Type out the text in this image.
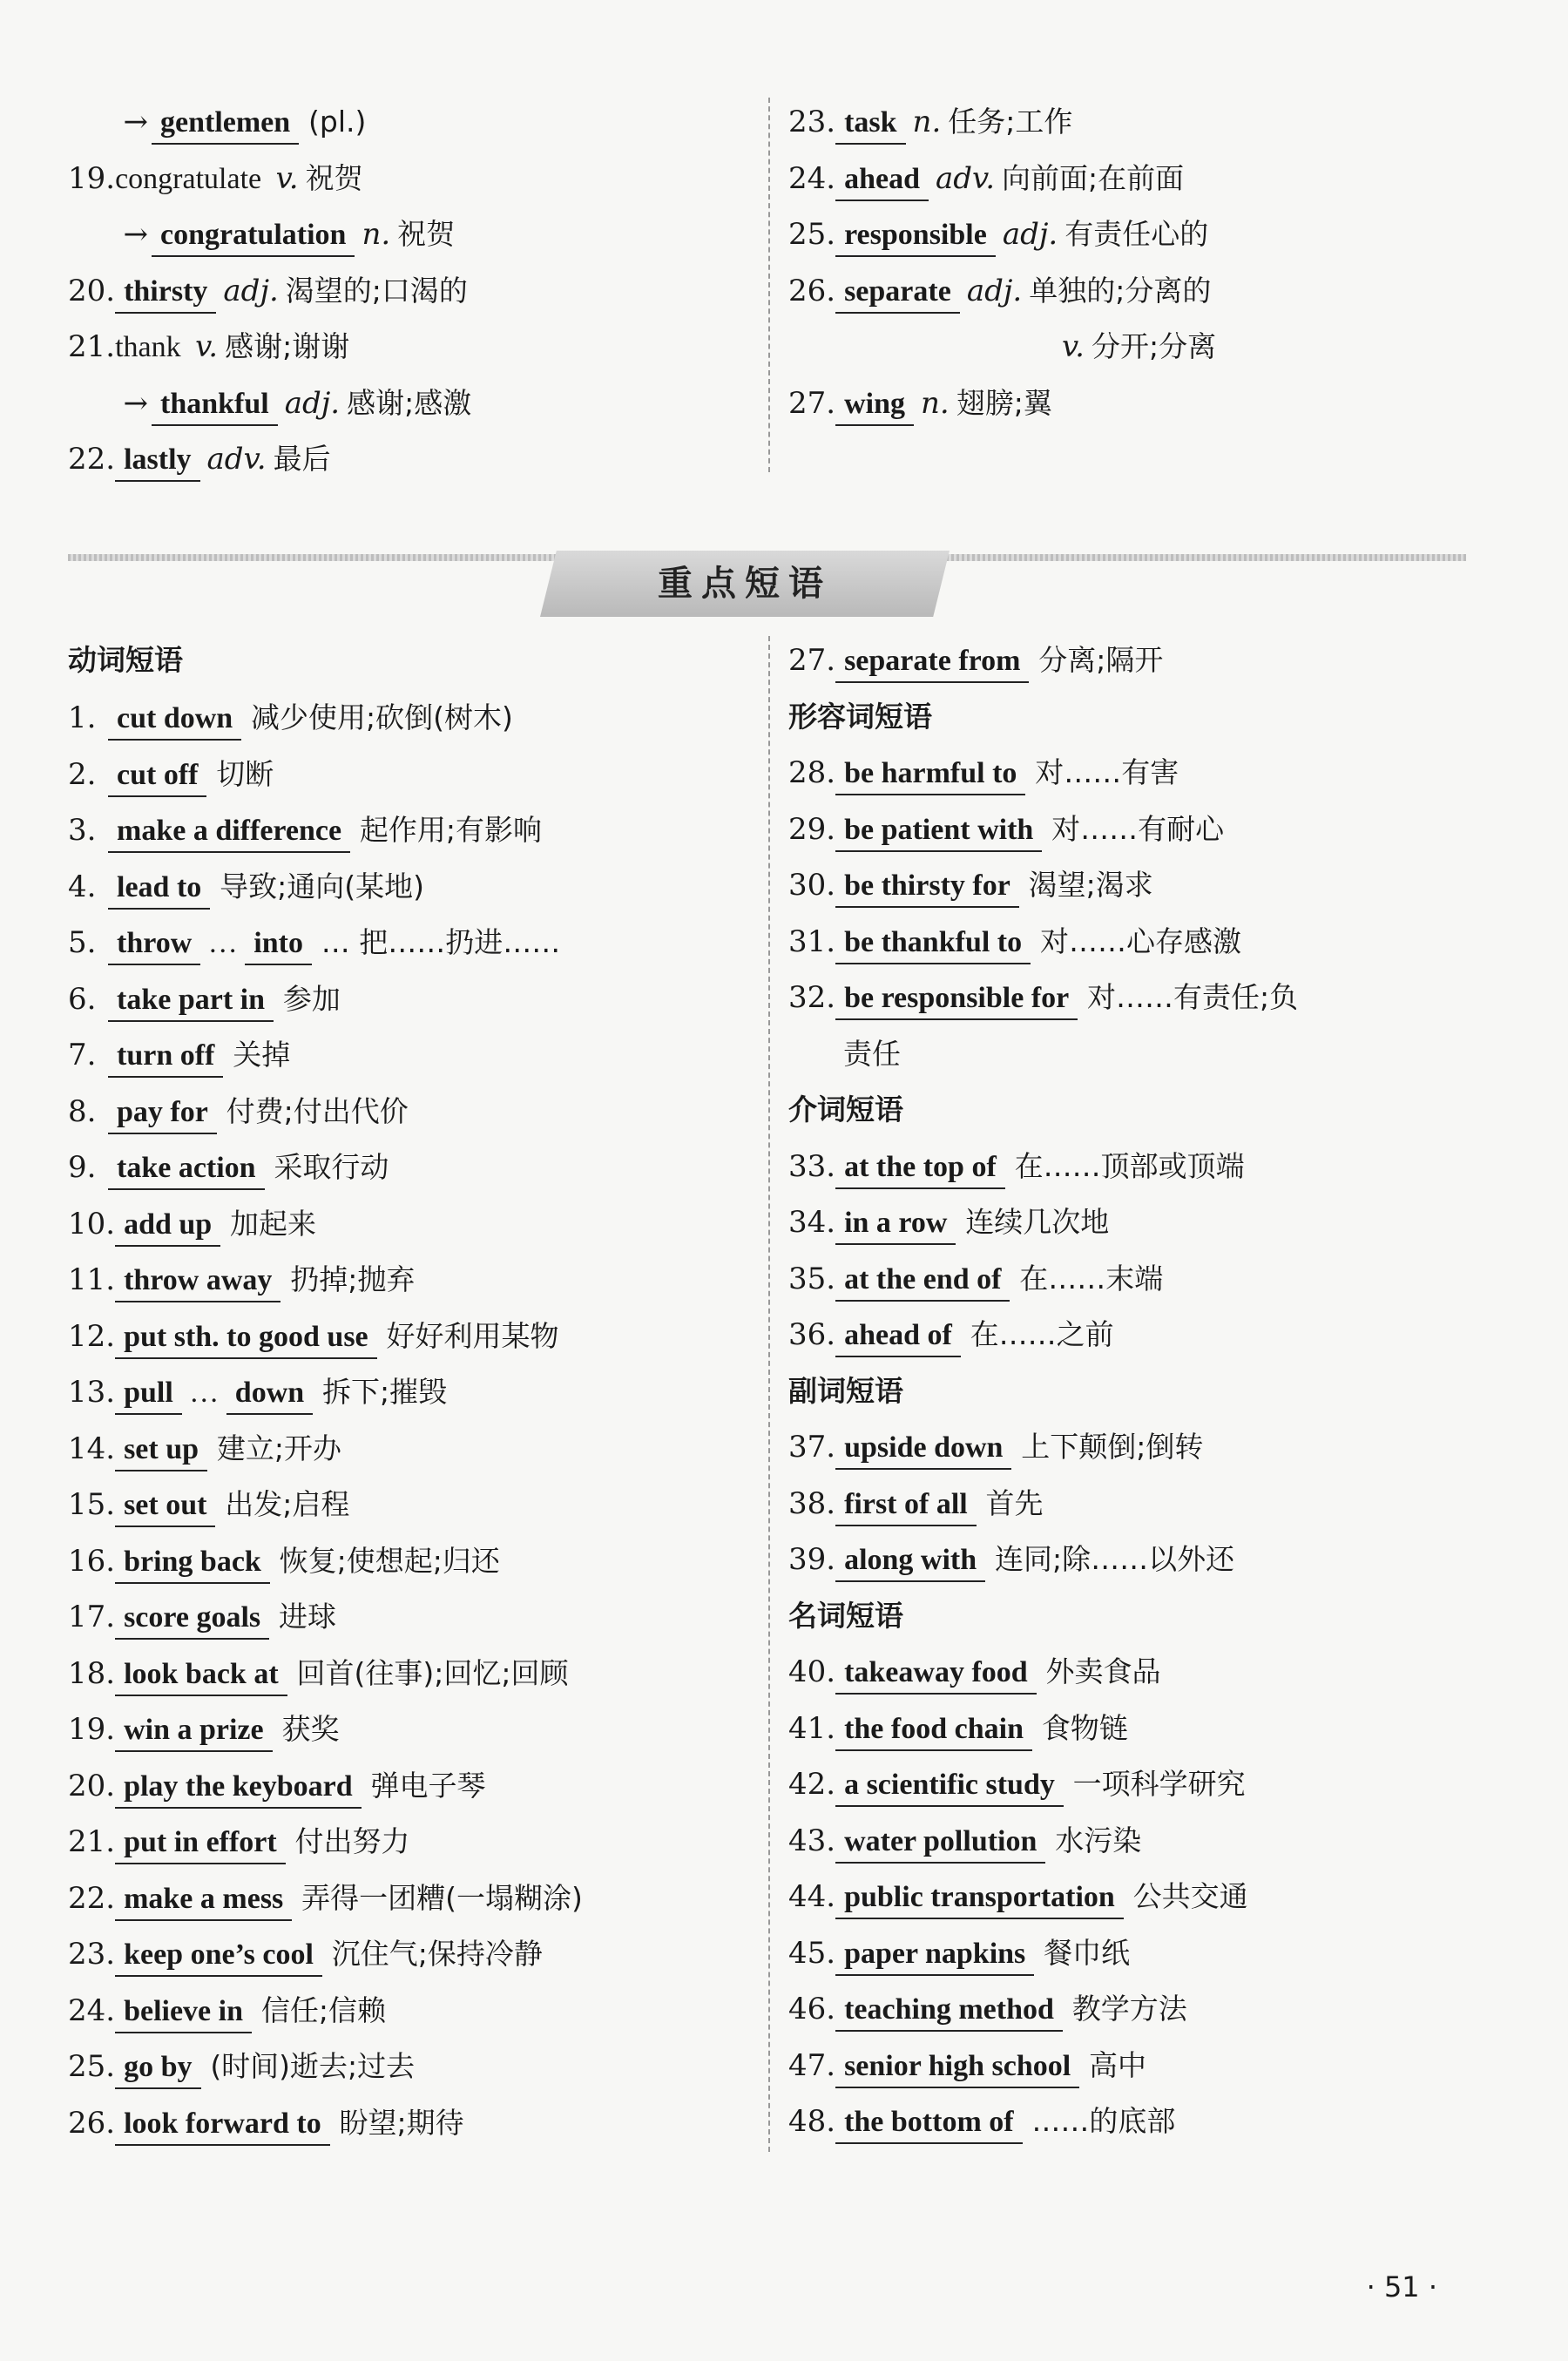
→ gentlemen (pl.)
19.congratulate v. 祝贺
→ congratulation n. 祝贺
20. thirsty adj. 渴望的;口渴的
21.thank v. 感谢;谢谢
→ thankful adj. 感谢;感激
22. lastly adv. 最后
23. task n. 任务;工作
24. ahead adv. 向前面;在前面
25. responsible adj. 有责任心的
26. separate adj. 单独的;分离的
v. 分开;分离
27. wing n. 翅膀;翼
重点短语
动词短语
1. cut down 减少使用;砍倒(树木)
2. cut off 切断
3. make a difference 起作用;有影响
4. lead to 导致;通向(某地)
5. throw … into … 把……扔进……
6. take part in 参加
7. turn off 关掉
8. pay for 付费;付出代价
9. take action 采取行动
10. add up 加起来
11. throw away 扔掉;抛弃
12. put sth. to good use 好好利用某物
13. pull … down 拆下;摧毁
14. set up 建立;开办
15. set out 出发;启程
16. bring back 恢复;使想起;归还
17. score goals 进球
18. look back at 回首(往事);回忆;回顾
19. win a prize 获奖
20. play the keyboard 弹电子琴
21. put in effort 付出努力
22. make a mess 弄得一团糟(一塌糊涂)
23. keep one’s cool 沉住气;保持冷静
24. believe in 信任;信赖
25. go by (时间)逝去;过去
26. look forward to 盼望;期待
27. separate from 分离;隔开
形容词短语
28. be harmful to 对……有害
29. be patient with 对……有耐心
30. be thirsty for 渴望;渴求
31. be thankful to 对……心存感激
32. be responsible for 对……有责任;负
责任
介词短语
33. at the top of 在……顶部或顶端
34. in a row 连续几次地
35. at the end of 在……末端
36. ahead of 在……之前
副词短语
37. upside down 上下颠倒;倒转
38. first of all 首先
39. along with 连同;除……以外还
名词短语
40. takeaway food 外卖食品
41. the food chain 食物链
42. a scientific study 一项科学研究
43. water pollution 水污染
44. public transportation 公共交通
45. paper napkins 餐巾纸
46. teaching method 教学方法
47. senior high school 高中
48. the bottom of ……的底部
· 51 ·
